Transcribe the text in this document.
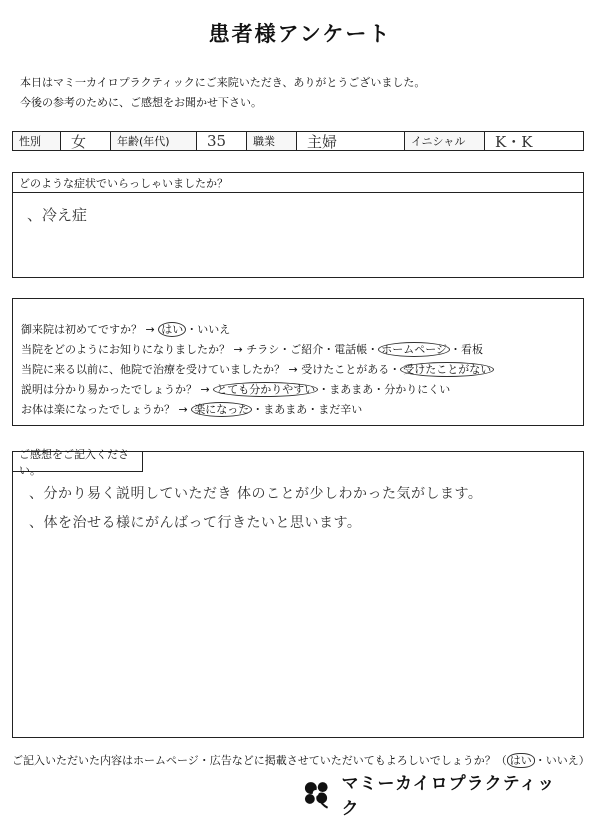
患者様アンケート
本日はマミ一カイロプラクティックにご来院いただき、ありがとうございました。
今後の参考のために、ご感想をお聞かせ下さい。
性別	女	年齢(年代)	35	職業	主婦	イニシャル	K・K
どのような症状でいらっしゃいましたか？
、冷え症
御来院は初めてですか？ → はい ・いいえ
当院をどのようにお知りになりましたか？ → チラシ・ご紹介・電話帳・ ホームページ ・看板
当院に来る以前に、他院で治療を受けていましたか？ → 受けたことがある・ 受けたことがない
説明は分かり易かったでしょうか？ → とても分かりやすい ・まあまあ・分かりにくい
お体は楽になったでしょうか？ → 楽になった ・まあまあ・まだ辛い
ご感想をご記入ください。
、分かり易く説明していただき 体のことが少しわかった気がします。
、体を治せる様にがんばって行きたいと思います。
ご記入いただいた内容はホームページ・広告などに掲載させていただいてもよろしいでしょうか？（ はい ・いいえ）
マミーカイロプラクティック
